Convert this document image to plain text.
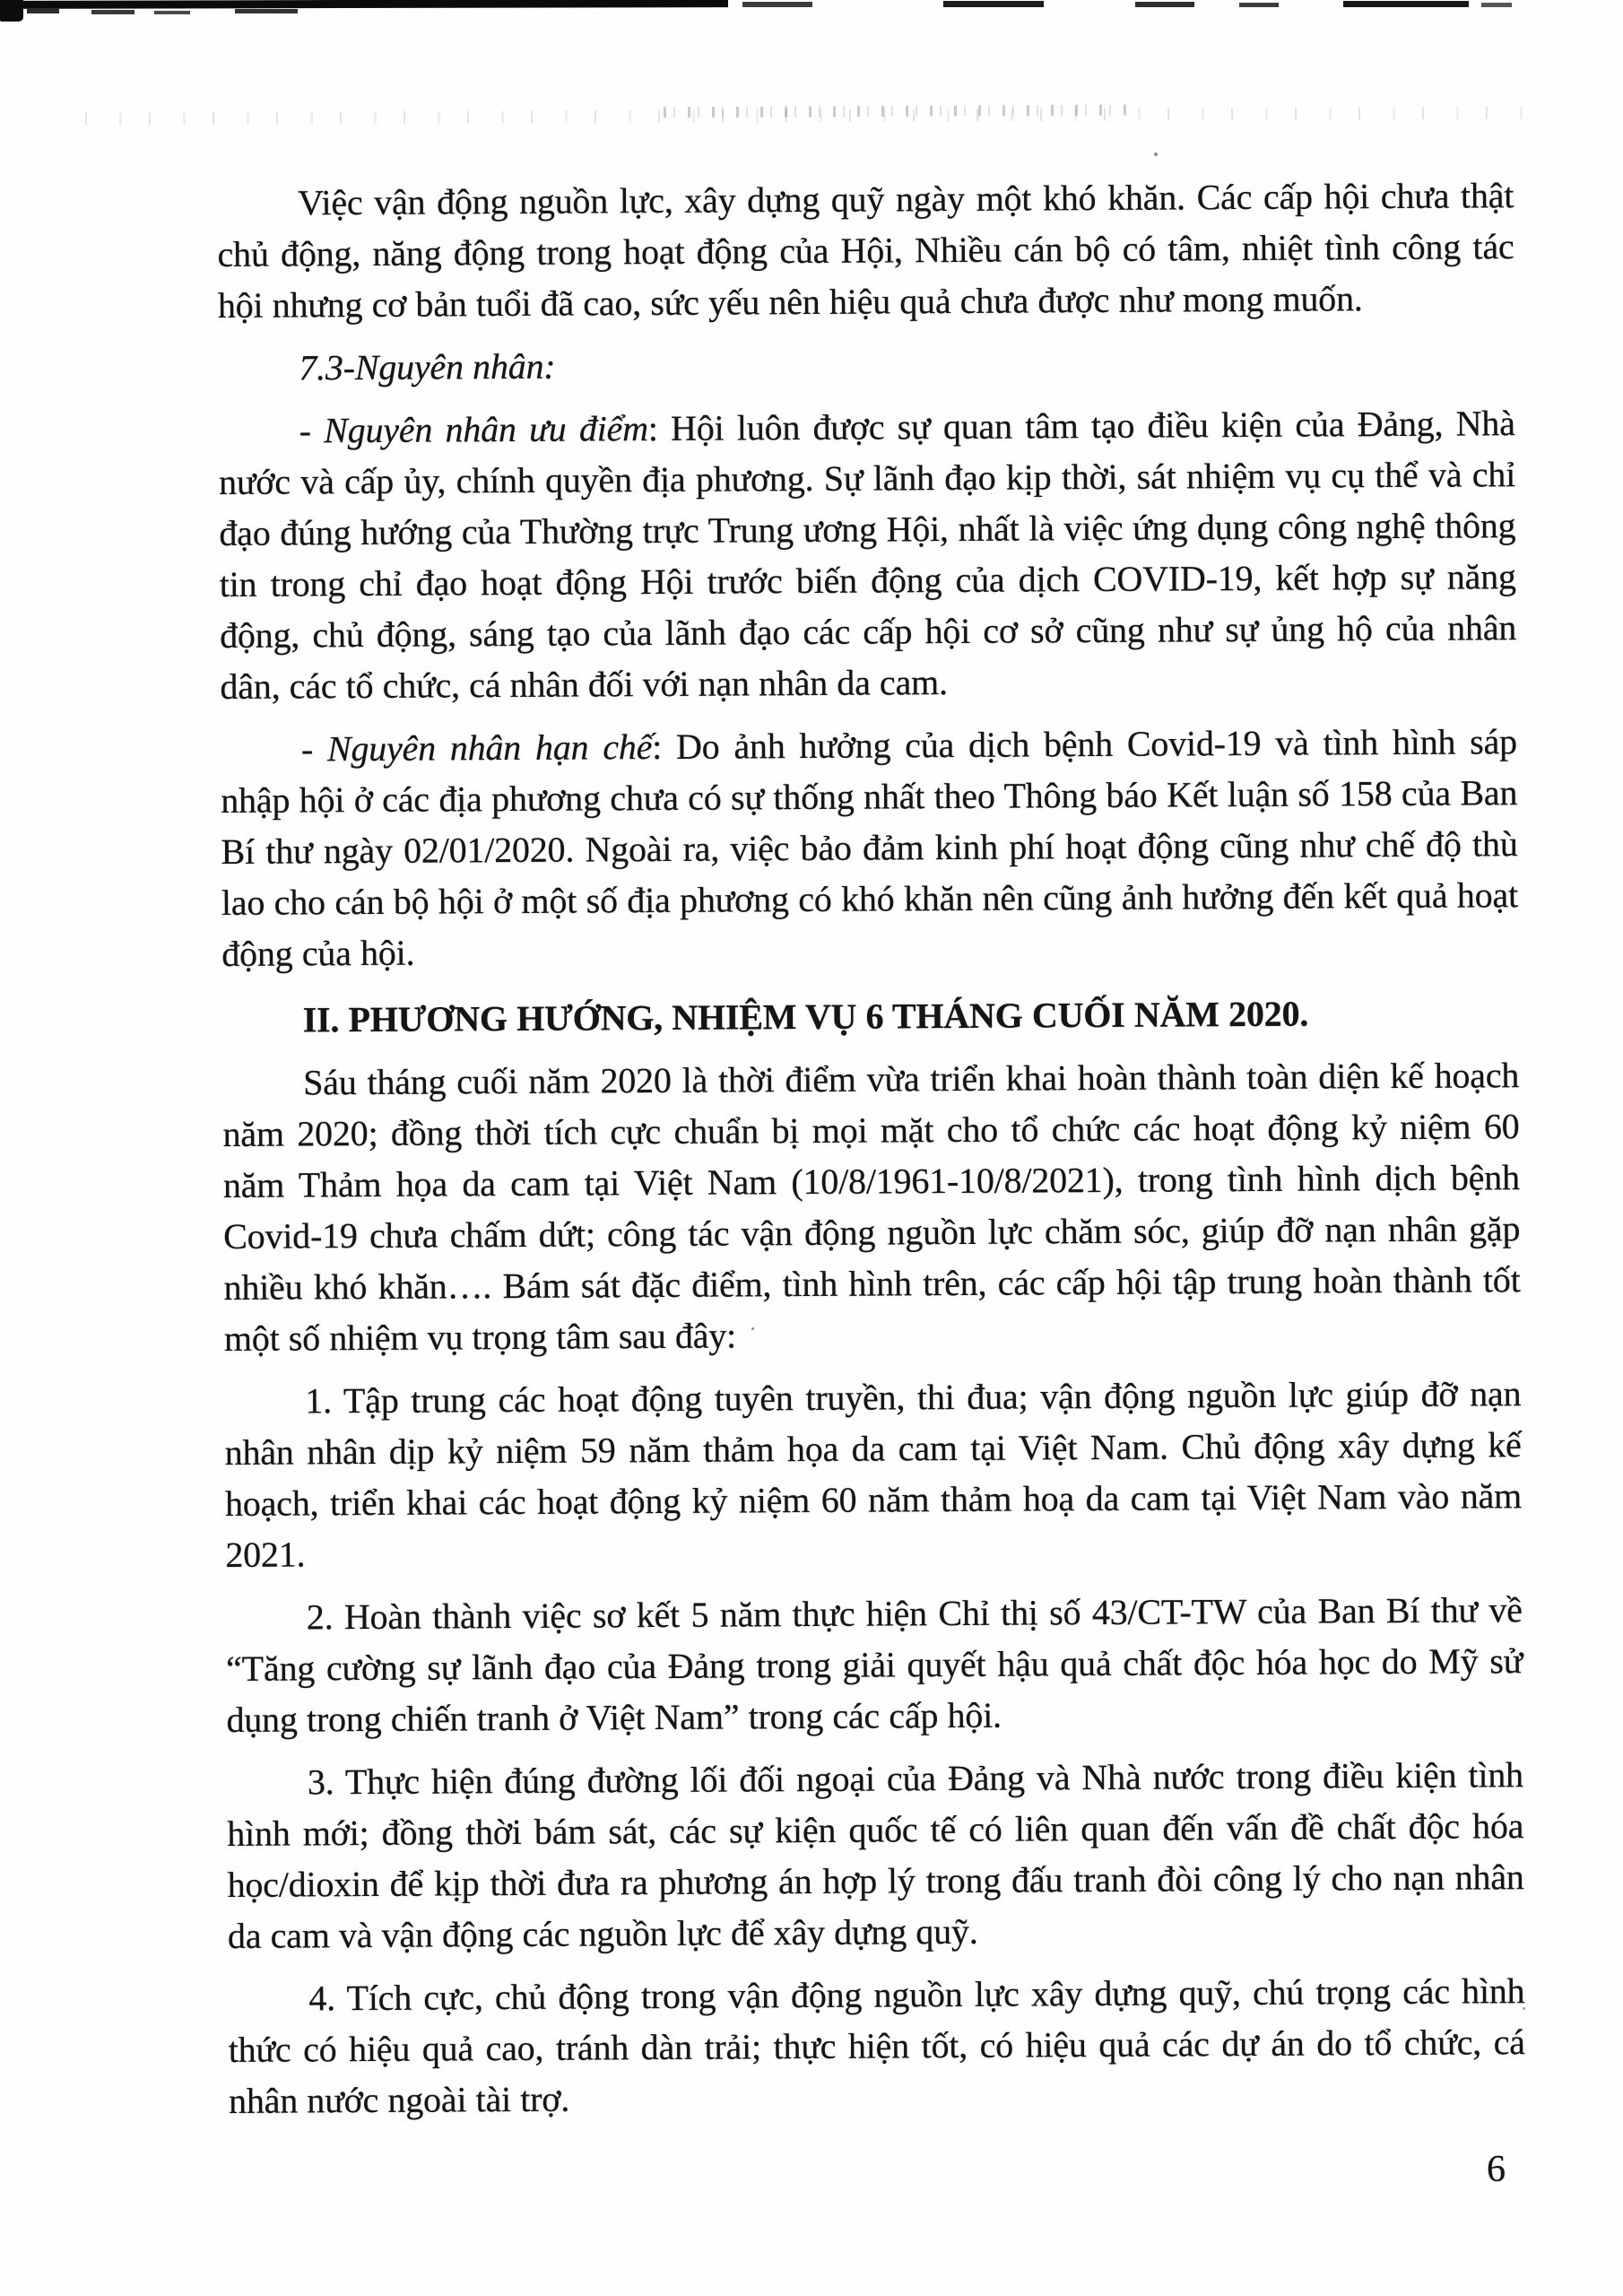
Việc vận động nguồn lực, xây dựng quỹ ngày một khó khăn. Các cấp hội chưa thật chủ động, năng động trong hoạt động của Hội, Nhiều cán bộ có tâm, nhiệt tình công tác hội nhưng cơ bản tuổi đã cao, sức yếu nên hiệu quả chưa được như mong muốn.

7.3-Nguyên nhân:

- Nguyên nhân ưu điểm: Hội luôn được sự quan tâm tạo điều kiện của Đảng, Nhà nước và cấp ủy, chính quyền địa phương. Sự lãnh đạo kịp thời, sát nhiệm vụ cụ thể và chỉ đạo đúng hướng của Thường trực Trung ương Hội, nhất là việc ứng dụng công nghệ thông tin trong chỉ đạo hoạt động Hội trước biến động của dịch COVID-19, kết hợp sự năng động, chủ động, sáng tạo của lãnh đạo các cấp hội cơ sở cũng như sự ủng hộ của nhân dân, các tổ chức, cá nhân đối với nạn nhân da cam.

- Nguyên nhân hạn chế: Do ảnh hưởng của dịch bệnh Covid-19 và tình hình sáp nhập hội ở các địa phương chưa có sự thống nhất theo Thông báo Kết luận số 158 của Ban Bí thư ngày 02/01/2020. Ngoài ra, việc bảo đảm kinh phí hoạt động cũng như chế độ thù lao cho cán bộ hội ở một số địa phương có khó khăn nên cũng ảnh hưởng đến kết quả hoạt động của hội.

II. PHƯƠNG HƯỚNG, NHIỆM VỤ 6 THÁNG CUỐI NĂM 2020.

Sáu tháng cuối năm 2020 là thời điểm vừa triển khai hoàn thành toàn diện kế hoạch năm 2020; đồng thời tích cực chuẩn bị mọi mặt cho tổ chức các hoạt động kỷ niệm 60 năm Thảm họa da cam tại Việt Nam (10/8/1961-10/8/2021), trong tình hình dịch bệnh Covid-19 chưa chấm dứt; công tác vận động nguồn lực chăm sóc, giúp đỡ nạn nhân gặp nhiều khó khăn…. Bám sát đặc điểm, tình hình trên, các cấp hội tập trung hoàn thành tốt một số nhiệm vụ trọng tâm sau đây:

1. Tập trung các hoạt động tuyên truyền, thi đua; vận động nguồn lực giúp đỡ nạn nhân nhân dịp kỷ niệm 59 năm thảm họa da cam tại Việt Nam. Chủ động xây dựng kế hoạch, triển khai các hoạt động kỷ niệm 60 năm thảm hoạ da cam tại Việt Nam vào năm 2021.

2. Hoàn thành việc sơ kết 5 năm thực hiện Chỉ thị số 43/CT-TW của Ban Bí thư về “Tăng cường sự lãnh đạo của Đảng trong giải quyết hậu quả chất độc hóa học do Mỹ sử dụng trong chiến tranh ở Việt Nam” trong các cấp hội.

3. Thực hiện đúng đường lối đối ngoại của Đảng và Nhà nước trong điều kiện tình hình mới; đồng thời bám sát, các sự kiện quốc tế có liên quan đến vấn đề chất độc hóa học/dioxin để kịp thời đưa ra phương án hợp lý trong đấu tranh đòi công lý cho nạn nhân da cam và vận động các nguồn lực để xây dựng quỹ.

4. Tích cực, chủ động trong vận động nguồn lực xây dựng quỹ, chú trọng các hình thức có hiệu quả cao, tránh dàn trải; thực hiện tốt, có hiệu quả các dự án do tổ chức, cá nhân nước ngoài tài trợ.

6
